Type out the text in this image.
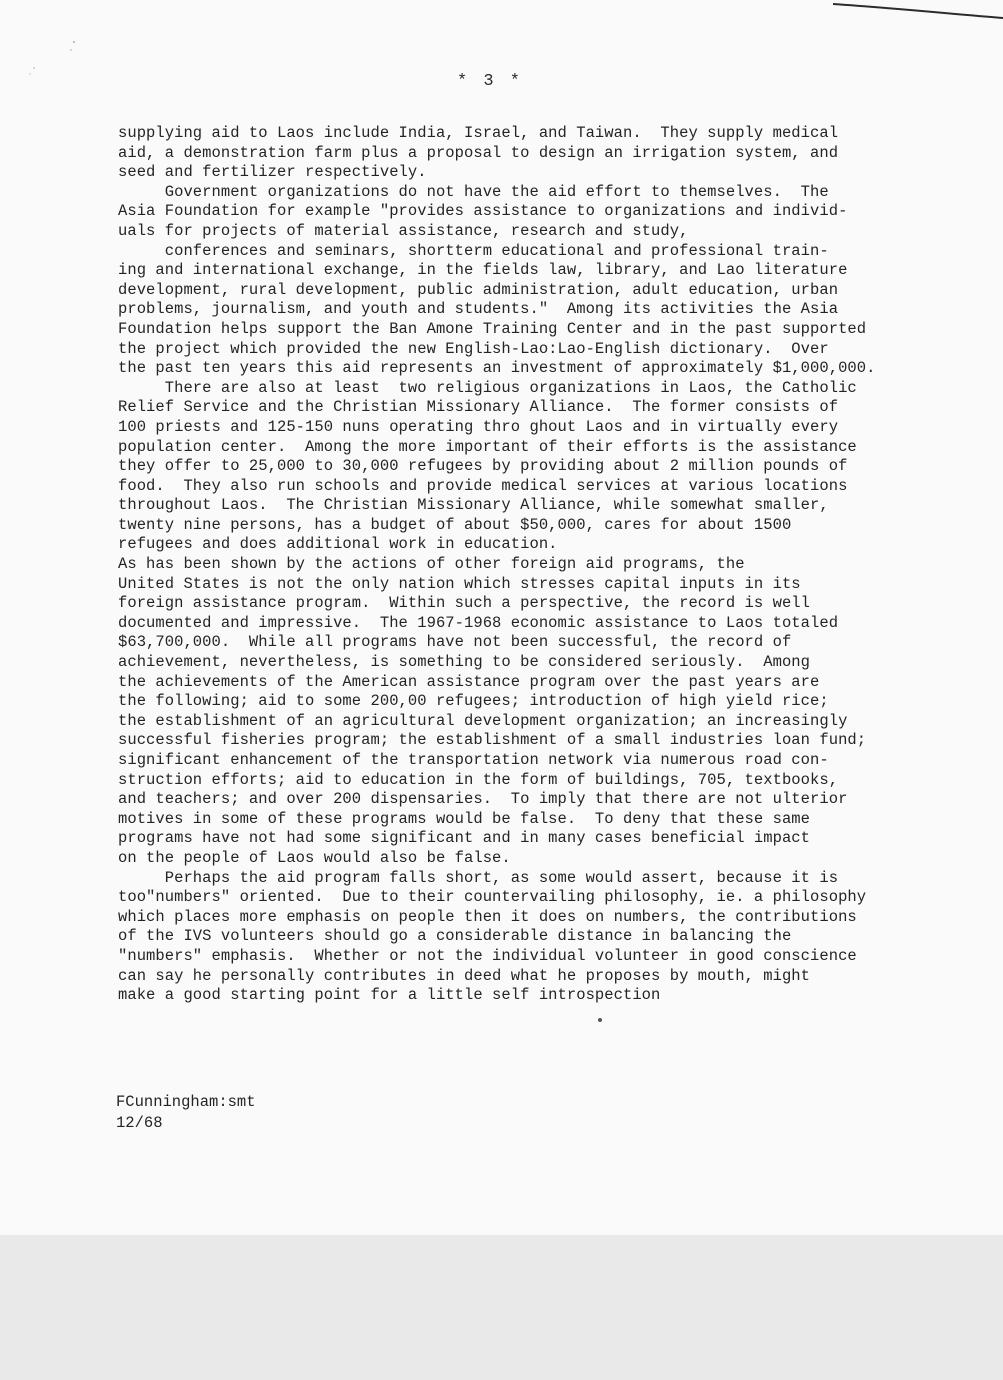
* 3 *
supplying aid to Laos include India, Israel, and Taiwan.  They supply medical
aid, a demonstration farm plus a proposal to design an irrigation system, and
seed and fertilizer respectively.
Government organizations do not have the aid effort to themselves.  The
Asia Foundation for example "provides assistance to organizations and individ-
uals for projects of material assistance, research and study,
conferences and seminars, shortterm educational and professional train-
ing and international exchange, in the fields law, library, and Lao literature
development, rural development, public administration, adult education, urban
problems, journalism, and youth and students."  Among its activities the Asia
Foundation helps support the Ban Amone Training Center and in the past supported
the project which provided the new English-Lao:Lao-English dictionary.  Over
the past ten years this aid represents an investment of approximately $1,000,000.
There are also at least  two religious organizations in Laos, the Catholic
Relief Service and the Christian Missionary Alliance.  The former consists of
100 priests and 125-150 nuns operating thro ghout Laos and in virtually every
population center.  Among the more important of their efforts is the assistance
they offer to 25,000 to 30,000 refugees by providing about 2 million pounds of
food.  They also run schools and provide medical services at various locations
throughout Laos.  The Christian Missionary Alliance, while somewhat smaller,
twenty nine persons, has a budget of about $50,000, cares for about 1500
refugees and does additional work in education.
As has been shown by the actions of other foreign aid programs, the
United States is not the only nation which stresses capital inputs in its
foreign assistance program.  Within such a perspective, the record is well
documented and impressive.  The 1967-1968 economic assistance to Laos totaled
$63,700,000.  While all programs have not been successful, the record of
achievement, nevertheless, is something to be considered seriously.  Among
the achievements of the American assistance program over the past years are
the following; aid to some 200,00 refugees; introduction of high yield rice;
the establishment of an agricultural development organization; an increasingly
successful fisheries program; the establishment of a small industries loan fund;
significant enhancement of the transportation network via numerous road con-
struction efforts; aid to education in the form of buildings, 705, textbooks,
and teachers; and over 200 dispensaries.  To imply that there are not ulterior
motives in some of these programs would be false.  To deny that these same
programs have not had some significant and in many cases beneficial impact
on the people of Laos would also be false.
Perhaps the aid program falls short, as some would assert, because it is
too"numbers" oriented.  Due to their countervailing philosophy, ie. a philosophy
which places more emphasis on people then it does on numbers, the contributions
of the IVS volunteers should go a considerable distance in balancing the
"numbers" emphasis.  Whether or not the individual volunteer in good conscience
can say he personally contributes in deed what he proposes by mouth, might
make a good starting point for a little self introspection
FCunningham:smt
12/68
